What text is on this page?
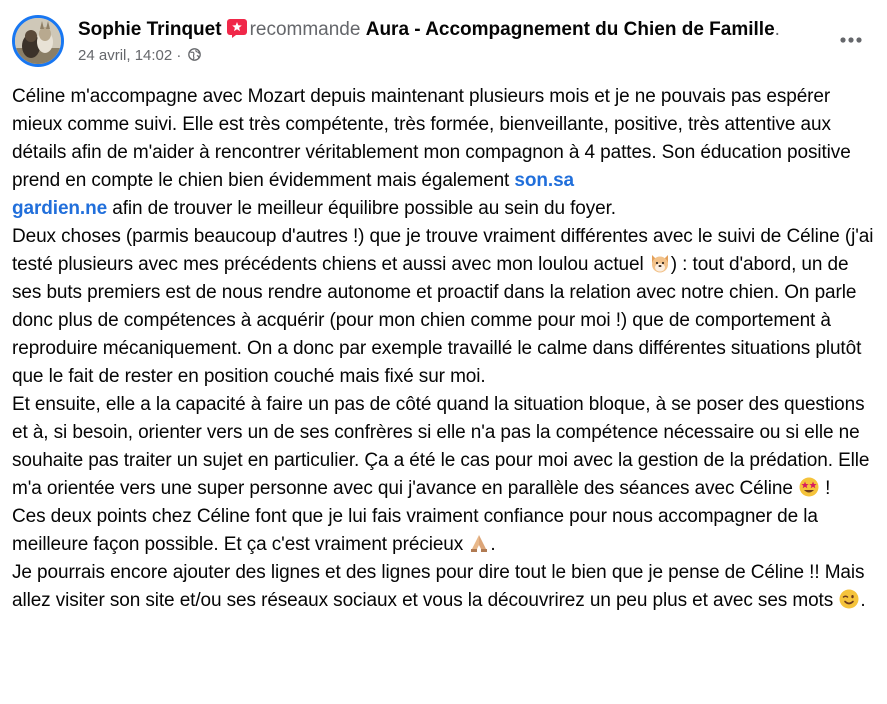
Sophie Trinquet recommande Aura - Accompagnement du Chien de Famille.
24 avril, 14:02 ·

Céline m'accompagne avec Mozart depuis maintenant plusieurs mois et je ne pouvais pas espérer mieux comme suivi. Elle est très compétente, très formée, bienveillante, positive, très attentive aux détails afin de m'aider à rencontrer véritablement mon compagnon à 4 pattes. Son éducation positive prend en compte le chien bien évidemment mais également son.sa
gardien.ne afin de trouver le meilleur équilibre possible au sein du foyer.

Deux choses (parmis beaucoup d'autres !) que je trouve vraiment différentes avec le suivi de Céline (j'ai testé plusieurs avec mes précédents chiens et aussi avec mon loulou actuel ) : tout d'abord, un de ses buts premiers est de nous rendre autonome et proactif dans la relation avec notre chien. On parle donc plus de compétences à acquérir (pour mon chien comme pour moi !) que de comportement à reproduire mécaniquement. On a donc par exemple travaillé le calme dans différentes situations plutôt que le fait de rester en position couché mais fixé sur moi.

Et ensuite, elle a la capacité à faire un pas de côté quand la situation bloque, à se poser des questions et à, si besoin, orienter vers un de ses confrères si elle n'a pas la compétence nécessaire ou si elle ne souhaite pas traiter un sujet en particulier. Ça a été le cas pour moi avec la gestion de la prédation. Elle m'a orientée vers une super personne avec qui j'avance en parallèle des séances avec Céline  !

Ces deux points chez Céline font que je lui fais vraiment confiance pour nous accompagner de la meilleure façon possible. Et ça c'est vraiment précieux .

Je pourrais encore ajouter des lignes et des lignes pour dire tout le bien que je pense de Céline !! Mais allez visiter son site et/ou ses réseaux sociaux et vous la découvrirez un peu plus et avec ses mots .
